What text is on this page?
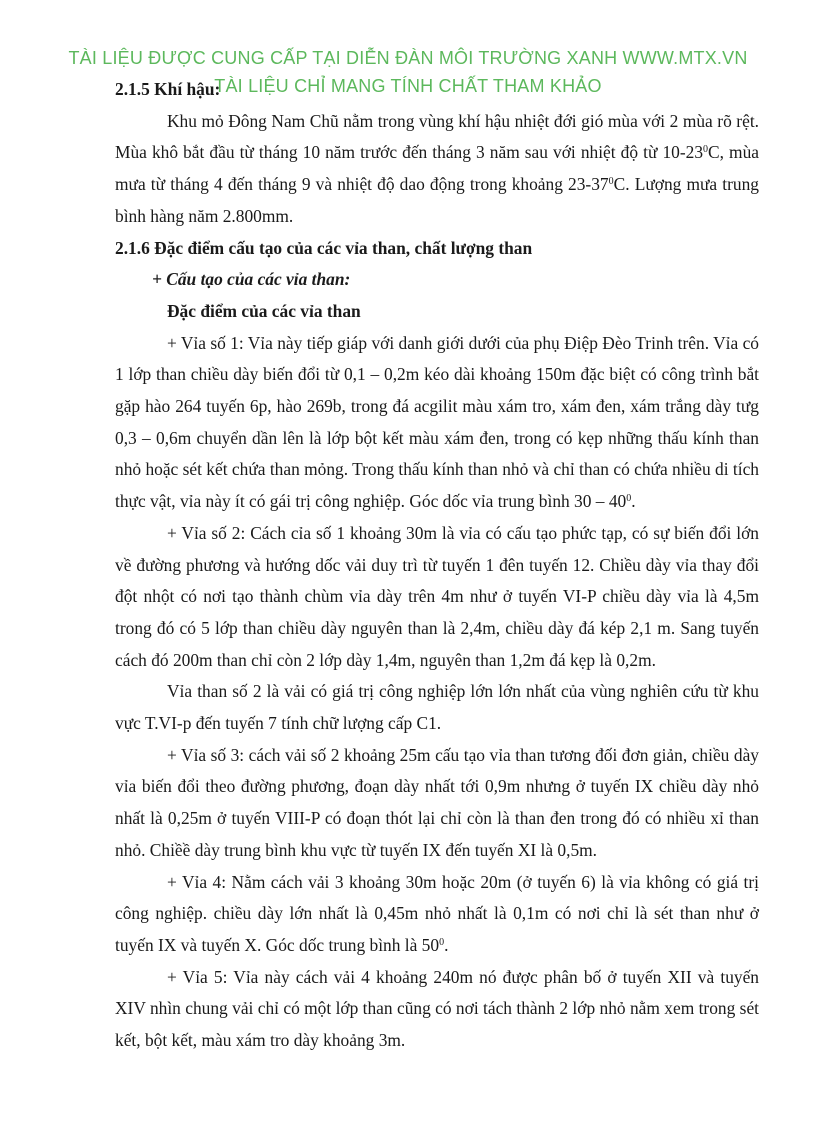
TÀI LIỆU ĐƯỢC CUNG CẤP TẠI DIỄN ĐÀN MÔI TRƯỜNG XANH WWW.MTX.VN
TÀI LIỆU CHỈ MANG TÍNH CHẤT THAM KHẢO

2.1.5 Khí hậu:

Khu mỏ Đông Nam Chũ nằm trong vùng khí hậu nhiệt đới gió mùa với 2 mùa rõ rệt. Mùa khô bắt đầu từ tháng 10 năm trước đến tháng 3 năm sau với nhiệt độ từ $10-23^0C$, mùa mưa từ tháng 4 đến tháng 9 và nhiệt độ dao động trong khoảng $23-37^0C$. Lượng mưa trung bình hàng năm 2.800mm.

2.1.6 Đặc điểm cấu tạo của các vỉa than, chất lượng than

+ Cấu tạo của các vỉa than:

Đặc điểm của các vỉa than

+ Vỉa số 1: Vỉa này tiếp giáp với danh giới dưới của phụ Điệp Đèo Trinh trên. Vỉa có 1 lớp than chiều dày biến đổi từ 0,1 – 0,2m kéo dài khoảng 150m đặc biệt có công trình bắt gặp hào 264 tuyến 6p, hào 269b, trong đá acgilit màu xám tro, xám đen, xám trắng dày tưg 0,3 – 0,6m chuyển dần lên là lớp bột kết màu xám đen, trong có kẹp những thấu kính than nhỏ hoặc sét kết chứa than mỏng. Trong thấu kính than nhỏ và chỉ than có chứa nhiều di tích thực vật, vỉa này ít có gái trị công nghiệp. Góc dốc vỉa trung bình $30 - 40^0$.

+ Vỉa số 2: Cách cỉa số 1 khoảng 30m là vỉa có cấu tạo phức tạp, có sự biến đổi lớn về đường phương và hướng dốc vải duy trì từ tuyến 1 đên tuyến 12. Chiều dày vỉa thay đổi đột nhột có nơi tạo thành chùm vỉa dày trên 4m như ở tuyến VI-P chiều dày vỉa là 4,5m trong đó có 5 lớp than chiều dày nguyên than là 2,4m, chiều dày đá kép 2,1 m. Sang tuyến cách đó 200m than chỉ còn 2 lớp dày 1,4m, nguyên than 1,2m đá kẹp là 0,2m.

Vỉa than số 2 là vải có giá trị công nghiệp lớn lớn nhất của vùng nghiên cứu từ khu vực T.VI-p đến tuyến 7 tính chữ lượng cấp C1.

+ Vỉa số 3: cách vải số 2 khoảng 25m cấu tạo vỉa than tương đối đơn giản, chiều dày vỉa biến đổi theo đường phương, đoạn dày nhất tới 0,9m nhưng ở tuyến IX chiều dày nhỏ nhất là 0,25m ở tuyến VIII-P có đoạn thót lại chỉ còn là than đen trong đó có nhiều xỉ than nhỏ. Chiềề dày trung bình khu vực từ tuyến IX đến tuyến XI là 0,5m.

+ Vỉa 4: Nằm cách vải 3 khoảng 30m hoặc 20m (ở tuyến 6) là vỉa không có giá trị công nghiệp. chiều dày lớn nhất là 0,45m nhỏ nhất là 0,1m có nơi chỉ là sét than như ở tuyến IX và tuyến X. Góc dốc trung bình là $50^0$.

+ Vỉa 5: Vỉa này cách vải 4 khoảng 240m nó được phân bố ở tuyến XII và tuyến XIV nhìn chung vải chỉ có một lớp than cũng có nơi tách thành 2 lớp nhỏ nằm xem trong sét kết, bột kết, màu xám tro dày khoảng 3m.
